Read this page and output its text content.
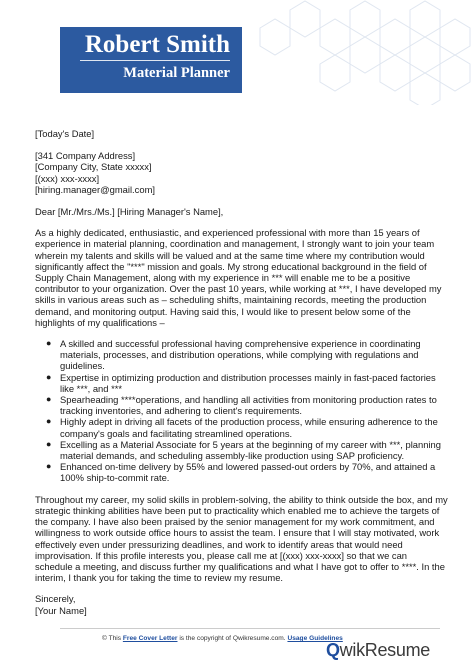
Robert Smith
Material Planner
[Today's Date]
[341 Company Address]
[Company City, State xxxxx]
[(xxx) xxx-xxxx]
[hiring.manager@gmail.com]
Dear [Mr./Mrs./Ms.] [Hiring Manager's Name],
As a highly dedicated, enthusiastic, and experienced professional with more than 15 years of
experience in material planning, coordination and management, I strongly want to join your team
wherein my talents and skills will be valued and at the same time where my contribution would
significantly affect the "***" mission and goals. My strong educational background in the field of
Supply Chain Management, along with my experience in *** will enable me to be a positive
contributor to your organization. Over the past 10 years, while working at ***, I have developed my
skills in various areas such as – scheduling shifts, maintaining records, meeting the production
demand, and monitoring output. Having said this, I would like to present below some of the
highlights of my qualifications –
● A skilled and successful professional having comprehensive experience in coordinating
materials, processes, and distribution operations, while complying with regulations and
guidelines.
● Expertise in optimizing production and distribution processes mainly in fast-paced factories
like ***, and ***
● Spearheading ****operations, and handling all activities from monitoring production rates to
tracking inventories, and adhering to client's requirements.
● Highly adept in driving all facets of the production process, while ensuring adherence to the
company's goals and facilitating streamlined operations.
● Excelling as a Material Associate for 5 years at the beginning of my career with ***, planning
material demands, and scheduling assembly-like production using SAP proficiency.
● Enhanced on-time delivery by 55% and lowered passed-out orders by 70%, and attained a
100% ship-to-commit rate.
Throughout my career, my solid skills in problem-solving, the ability to think outside the box, and my
strategic thinking abilities have been put to practicality which enabled me to achieve the targets of
the company. I have also been praised by the senior management for my work commitment, and
willingness to work outside office hours to assist the team. I ensure that I will stay motivated, work
effectively even under pressurizing deadlines, and work to identify areas that would need
improvisation. If this profile interests you, please call me at [(xxx) xxx-xxxx] so that we can
schedule a meeting, and discuss further my qualifications and what I have got to offer to ****. In the
interim, I thank you for taking the time to review my resume.
Sincerely,
[Your Name]
© This Free Cover Letter is the copyright of Qwikresume.com. Usage Guidelines
QwikResume
